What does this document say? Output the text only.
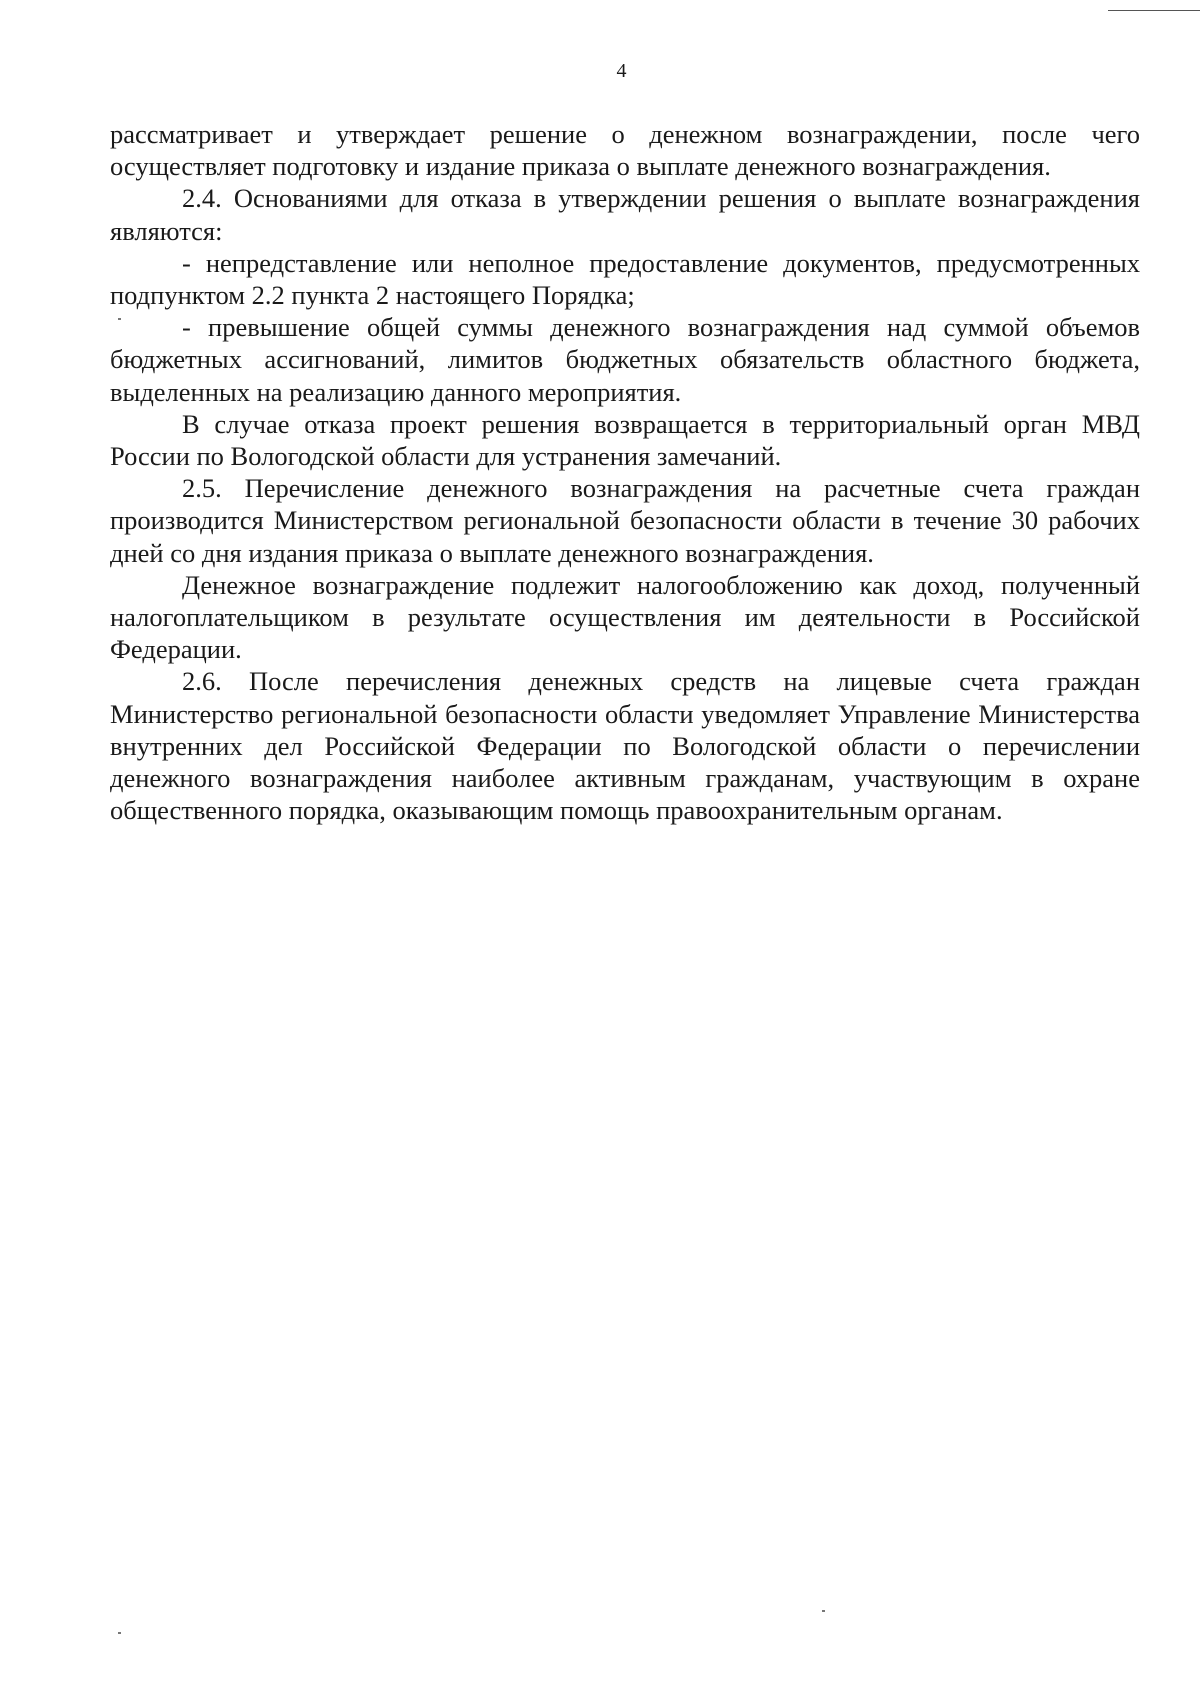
4

рассматривает и утверждает решение о денежном вознаграждении, после чего осуществляет подготовку и издание приказа о выплате денежного вознаграждения.

2.4. Основаниями для отказа в утверждении решения о выплате вознаграждения являются:

- непредставление или неполное предоставление документов, предусмотренных подпунктом 2.2 пункта 2 настоящего Порядка;

- превышение общей суммы денежного вознаграждения над суммой объемов бюджетных ассигнований, лимитов бюджетных обязательств областного бюджета, выделенных на реализацию данного мероприятия.

В случае отказа проект решения возвращается в территориальный орган МВД России по Вологодской области для устранения замечаний.

2.5. Перечисление денежного вознаграждения на расчетные счета граждан производится Министерством региональной безопасности области в течение 30 рабочих дней со дня издания приказа о выплате денежного вознаграждения.

Денежное вознаграждение подлежит налогообложению как доход, полученный налогоплательщиком в результате осуществления им деятельности в Российской Федерации.

2.6. После перечисления денежных средств на лицевые счета граждан Министерство региональной безопасности области уведомляет Управление Министерства внутренних дел Российской Федерации по Вологодской области о перечислении денежного вознаграждения наиболее активным гражданам, участвующим в охране общественного порядка, оказывающим помощь правоохранительным органам.
